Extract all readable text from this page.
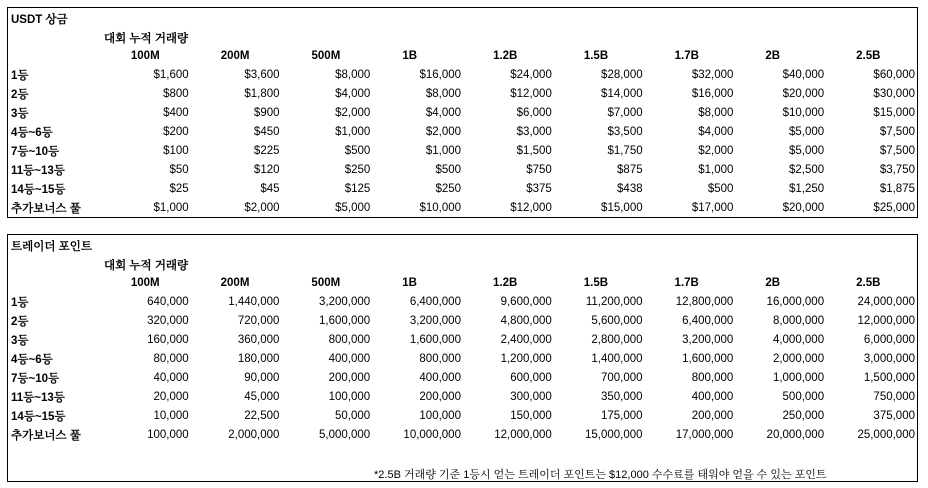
USDT 상금
대회 누적 거래량
	100M	200M	500M	1B	1.2B	1.5B	1.7B	2B	2.5B
1등	$1,600	$3,600	$8,000	$16,000	$24,000	$28,000	$32,000	$40,000	$60,000
2등	$800	$1,800	$4,000	$8,000	$12,000	$14,000	$16,000	$20,000	$30,000
3등	$400	$900	$2,000	$4,000	$6,000	$7,000	$8,000	$10,000	$15,000
4등~6등	$200	$450	$1,000	$2,000	$3,000	$3,500	$4,000	$5,000	$7,500
7등~10등	$100	$225	$500	$1,000	$1,500	$1,750	$2,000	$5,000	$7,500
11등~13등	$50	$120	$250	$500	$750	$875	$1,000	$2,500	$3,750
14등~15등	$25	$45	$125	$250	$375	$438	$500	$1,250	$1,875
추가보너스 풀	$1,000	$2,000	$5,000	$10,000	$12,000	$15,000	$17,000	$20,000	$25,000
트레이더 포인트
대회 누적 거래량
	100M	200M	500M	1B	1.2B	1.5B	1.7B	2B	2.5B
1등	640,000	1,440,000	3,200,000	6,400,000	9,600,000	11,200,000	12,800,000	16,000,000	24,000,000
2등	320,000	720,000	1,600,000	3,200,000	4,800,000	5,600,000	6,400,000	8,000,000	12,000,000
3등	160,000	360,000	800,000	1,600,000	2,400,000	2,800,000	3,200,000	4,000,000	6,000,000
4등~6등	80,000	180,000	400,000	800,000	1,200,000	1,400,000	1,600,000	2,000,000	3,000,000
7등~10등	40,000	90,000	200,000	400,000	600,000	700,000	800,000	1,000,000	1,500,000
11등~13등	20,000	45,000	100,000	200,000	300,000	350,000	400,000	500,000	750,000
14등~15등	10,000	22,500	50,000	100,000	150,000	175,000	200,000	250,000	375,000
추가보너스 풀	100,000	2,000,000	5,000,000	10,000,000	12,000,000	15,000,000	17,000,000	20,000,000	25,000,000
*2.5B 거래량 기준 1등시 얻는 트레이더 포인트는 $12,000 수수료를 태워야 얻을 수 있는 포인트
